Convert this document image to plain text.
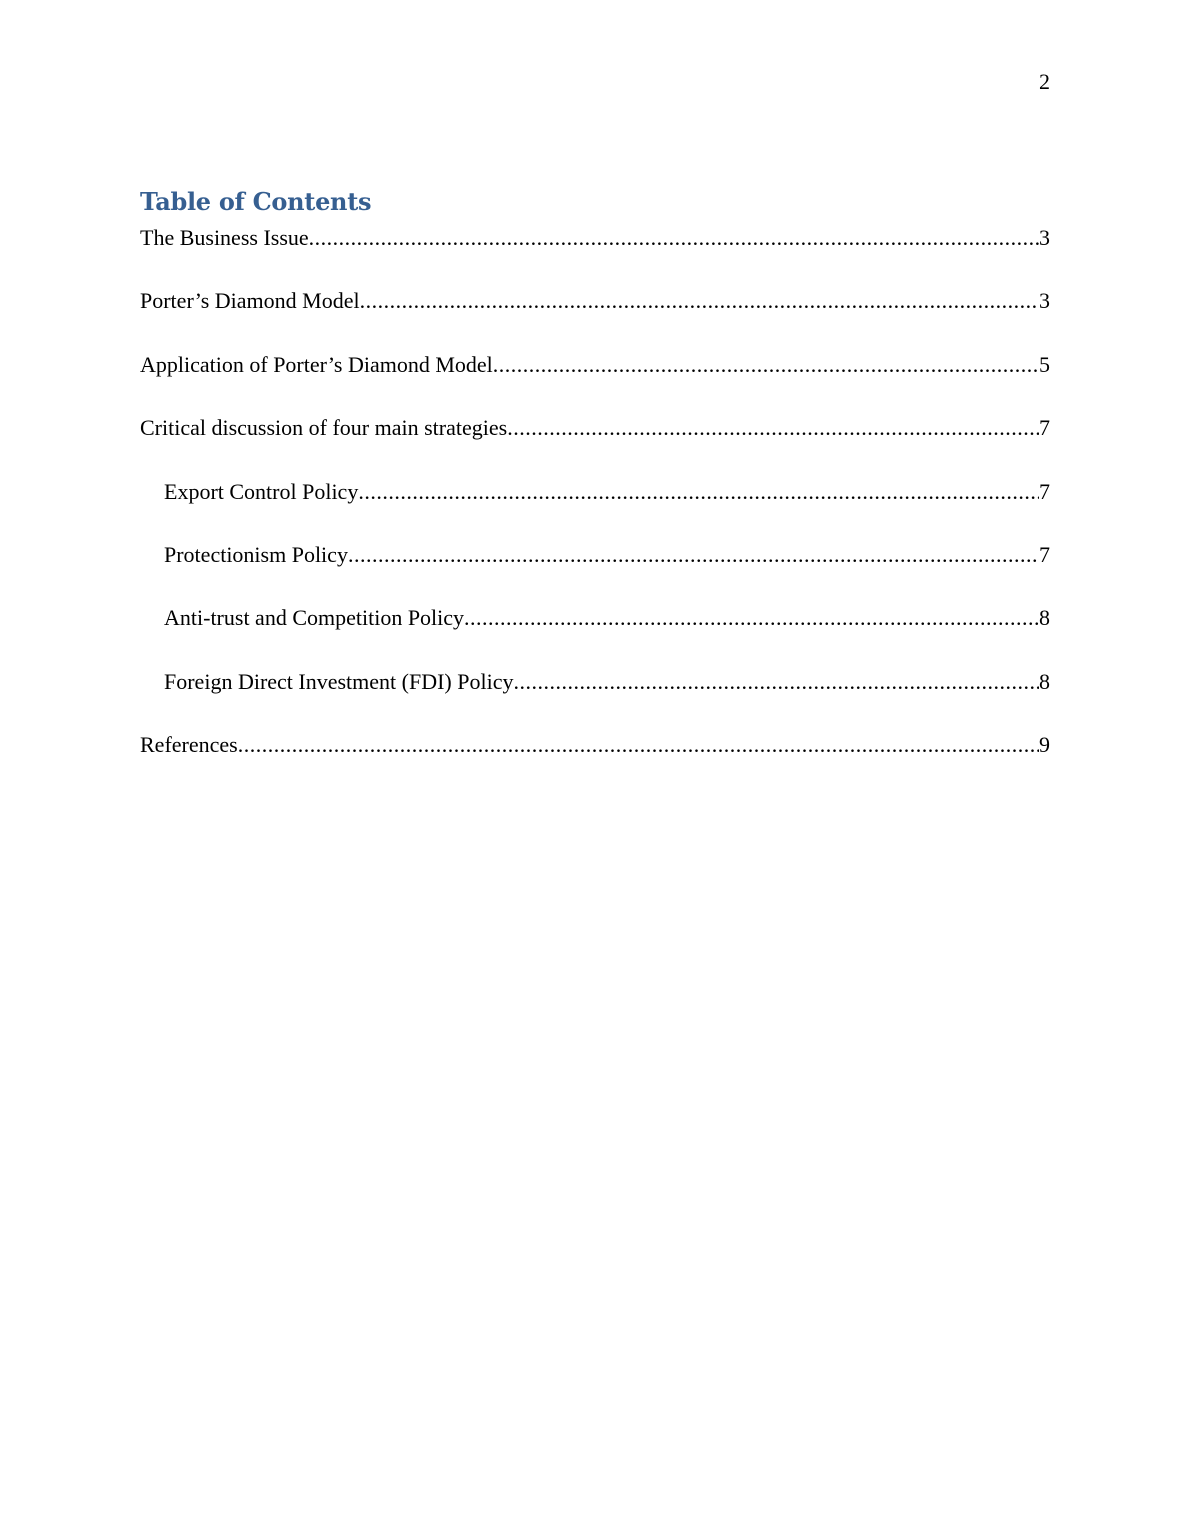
2
Table of Contents
The Business Issue .....	3
Porter’s Diamond Model .....	3
Application of Porter’s Diamond Model .....	5
Critical discussion of four main strategies .....	7
Export Control Policy .....	7
Protectionism Policy .....	7
Anti-trust and Competition Policy .....	8
Foreign Direct Investment (FDI) Policy .....	8
References .....	9
